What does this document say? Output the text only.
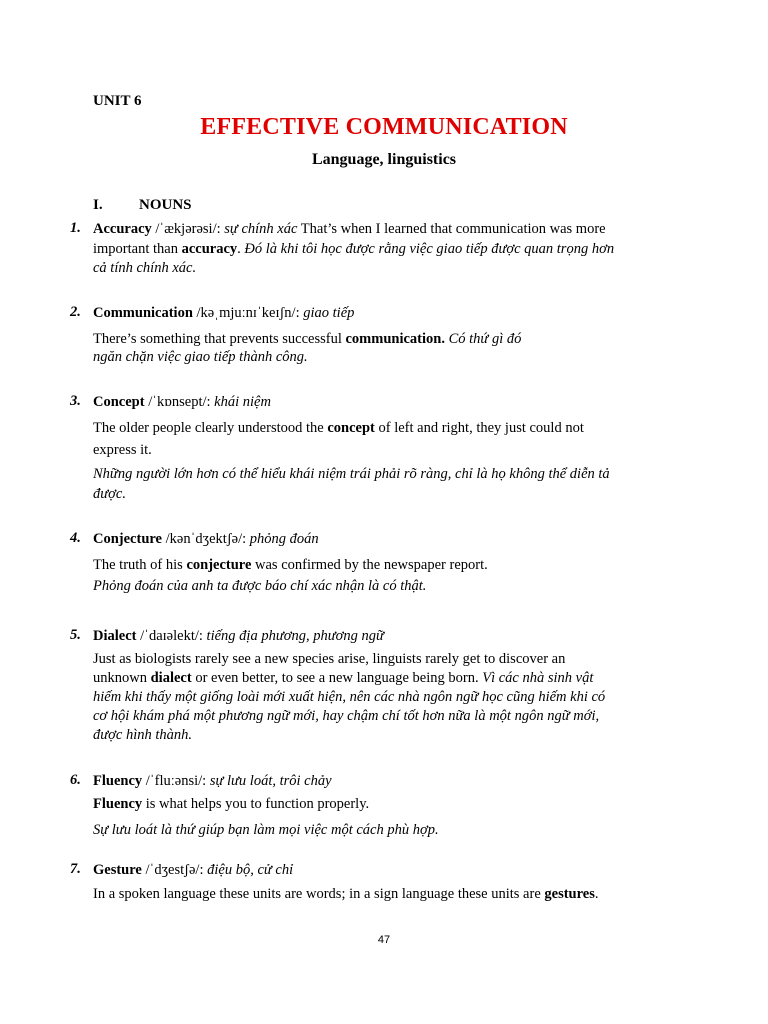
UNIT 6
EFFECTIVE COMMUNICATION
Language, linguistics
I. NOUNS
1. Accuracy /ˈækjərəsi/: sự chính xác That’s when I learned that communication was more
important than accuracy. Đó là khi tôi học được rằng việc giao tiếp được quan trọng hơn
cả tính chính xác.
2.
There’s something that prevents successful communication. Có thứ gì đó
ngăn chặn việc giao tiếp thành công.
Communication /kəˌmjuːnɪˈkeɪʃn/: giao tiếp
3.
The older people clearly understood the concept of left and right, they just could not
express it.
Những người lớn hơn có thể hiểu khái niệm trái phải rõ ràng, chỉ là họ không thể diễn tả
được.
Concept /ˈkɒnsept/: khái niệm
4.
The truth of his conjecture was confirmed by the newspaper report.
Phỏng đoán của anh ta được báo chí xác nhận là có thật.
Conjecture /kənˈdʒektʃə/: phỏng đoán
5.
Just as biologists rarely see a new species arise, linguists rarely get to discover an
unknown dialect or even better, to see a new language being born. Vì các nhà sinh vật
hiếm khi thấy một giống loài mới xuất hiện, nên các nhà ngôn ngữ học cũng hiếm khi có
cơ hội khám phá một phương ngữ mới, hay chậm chí tốt hơn nữa là một ngôn ngữ mới,
được hình thành.
Dialect /ˈdaɪəlekt/: tiếng địa phương, phương ngữ
6.
Fluency is what helps you to function properly.
Sự lưu loát là thứ giúp bạn làm mọi việc một cách phù hợp.
Fluency /ˈfluːənsi/: sự lưu loát, trôi chảy
7.
In a spoken language these units are words; in a sign language these units are gestures.
Gesture /ˈdʒestʃə/: điệu bộ, cử chỉ
47
